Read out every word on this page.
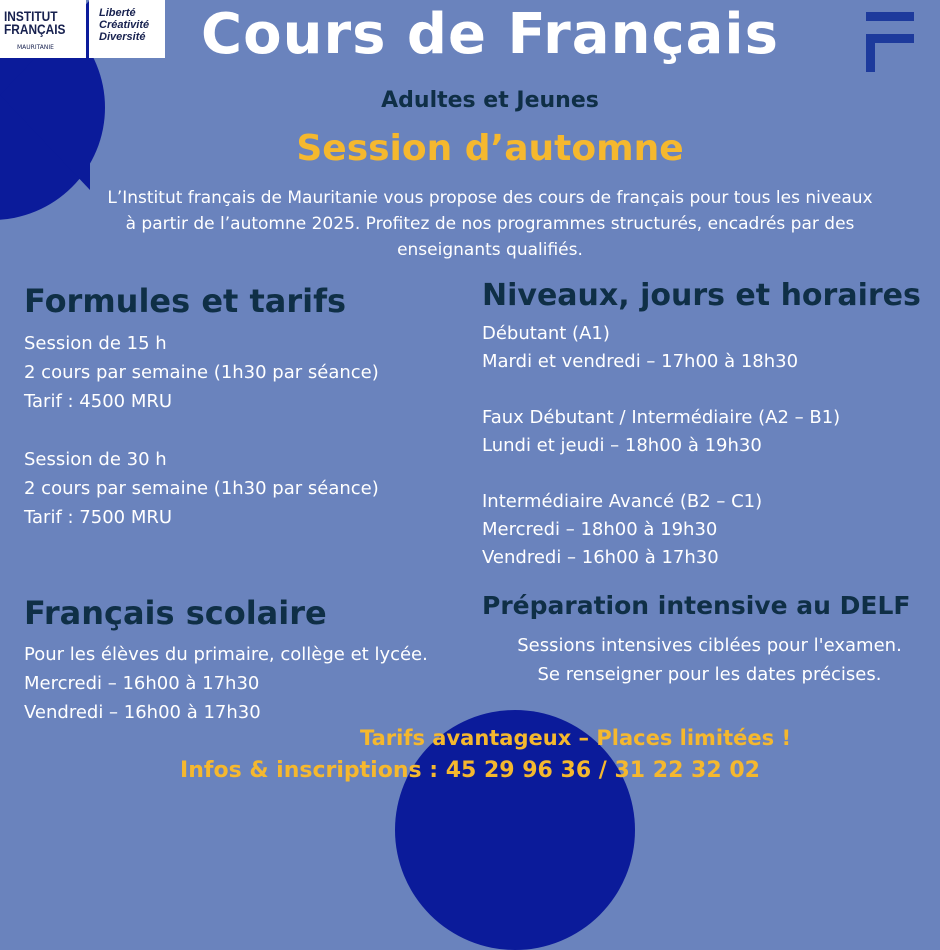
INSTITUT
FRANÇAIS
MAURITANIE
Liberté
Créativité
Diversité Cours de Français
Adultes et Jeunes
Session d’automne
L’Institut français de Mauritanie vous propose des cours de français pour tous les niveaux
à partir de l’automne 2025. Profitez de nos programmes structurés, encadrés par des
enseignants qualifiés.
Formules et tarifs
Session de 15 h
2 cours par semaine (1h30 par séance)
Tarif : 4500 MRU
Session de 30 h
2 cours par semaine (1h30 par séance)
Tarif : 7500 MRU
Niveaux, jours et horaires
Débutant (A1)
Mardi et vendredi – 17h00 à 18h30
Faux Débutant / Intermédiaire (A2 – B1)
Lundi et jeudi – 18h00 à 19h30
Intermédiaire Avancé (B2 – C1)
Mercredi – 18h00 à 19h30
Vendredi – 16h00 à 17h30
Français scolaire
Pour les élèves du primaire, collège et lycée.
Mercredi – 16h00 à 17h30
Vendredi – 16h00 à 17h30
Préparation intensive au DELF
Sessions intensives ciblées pour l'examen.
Se renseigner pour les dates précises.
Tarifs avantageux – Places limitées !
Infos & inscriptions : 45 29 96 36 / 31 22 32 02
